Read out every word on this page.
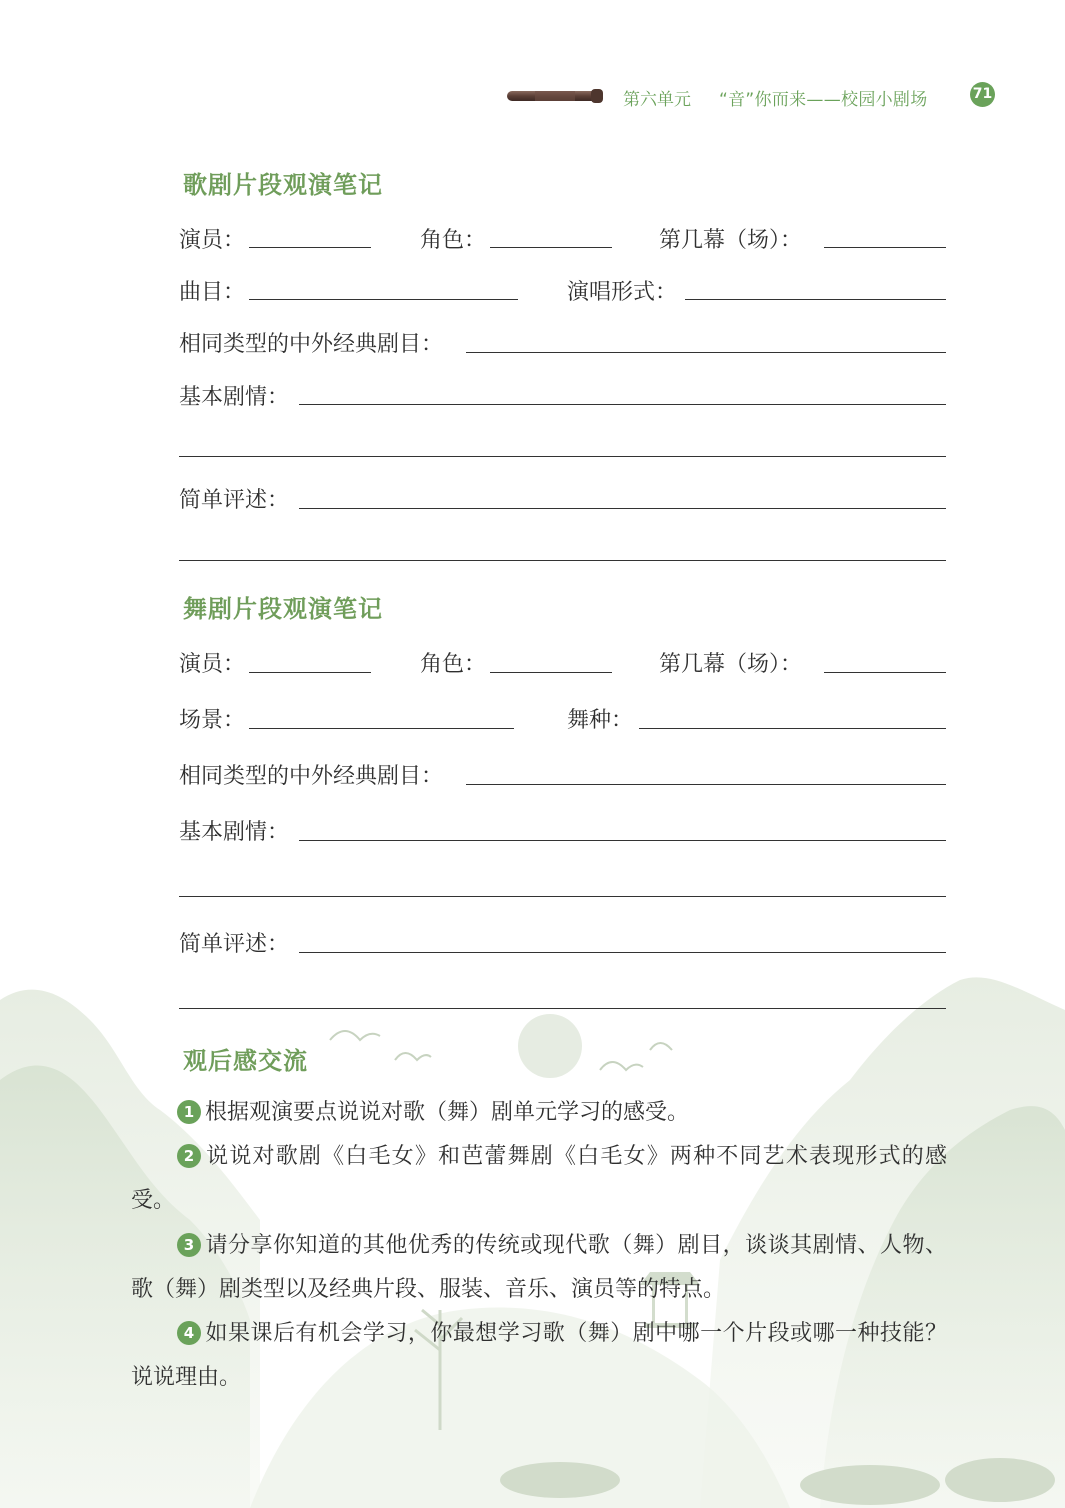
第六单元 “音”你而来——校园小剧场	71
歌剧片段观演笔记
演员：	角色：	第几幕（场）：
曲目：	演唱形式：
相同类型的中外经典剧目：
基本剧情：
简单评述：
舞剧片段观演笔记
演员：	角色：	第几幕（场）：
场景：	舞种：
相同类型的中外经典剧目：
基本剧情：
简单评述：
观后感交流
1 根据观演要点说说对歌（舞）剧单元学习的感受。
2 说说对歌剧《白毛女》和芭蕾舞剧《白毛女》两种不同艺术表现形式的感受。
3 请分享你知道的其他优秀的传统或现代歌（舞）剧目，谈谈其剧情、人物、歌（舞）剧类型以及经典片段、服装、音乐、演员等的特点。
4 如果课后有机会学习，你最想学习歌（舞）剧中哪一个片段或哪一种技能？说说理由。
